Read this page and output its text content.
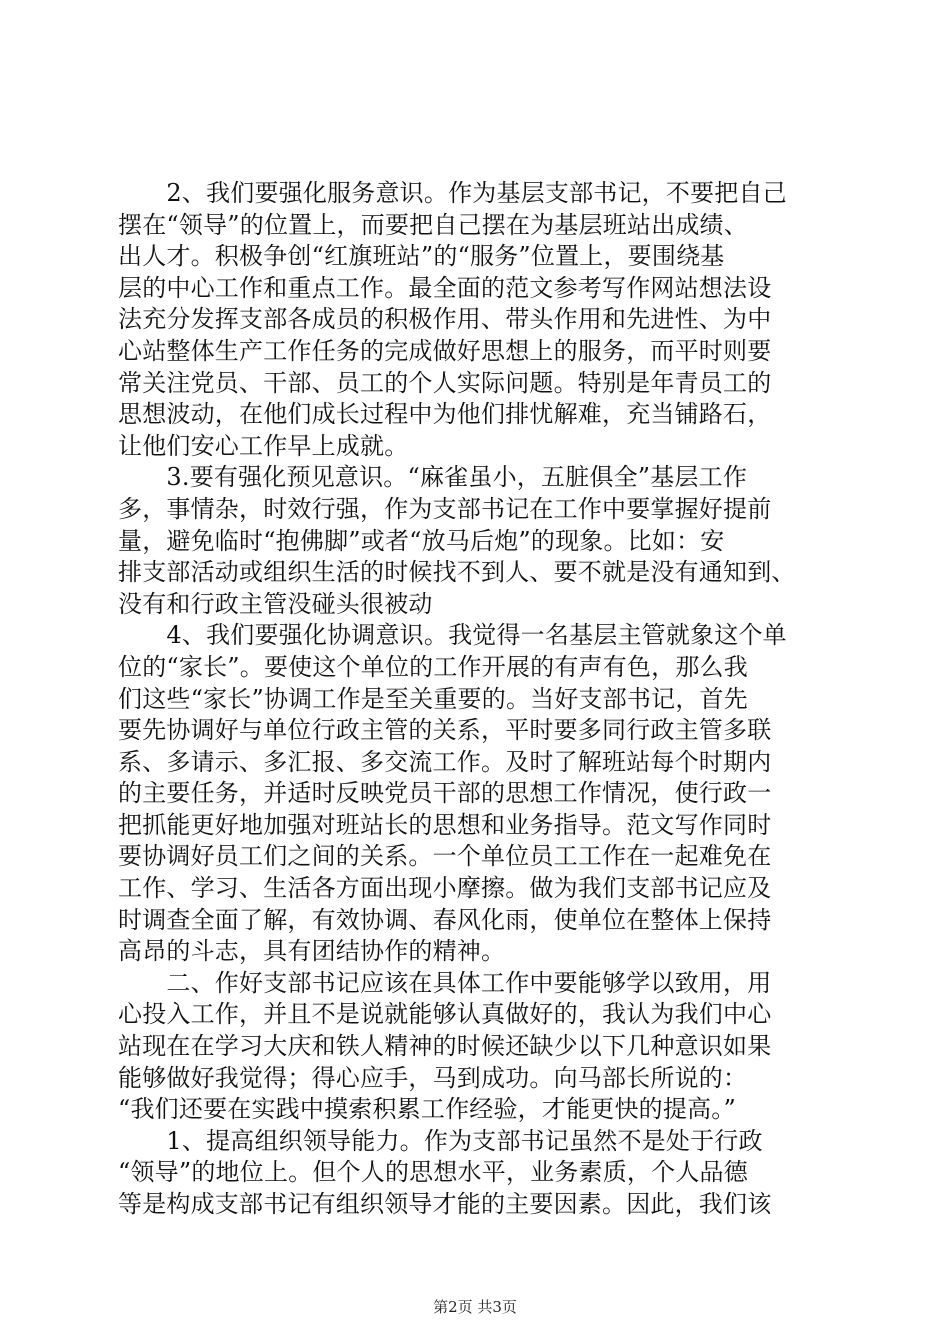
　　2、我们要强化服务意识。作为基层支部书记，不要把自己
摆在“领导”的位置上，而要把自己摆在为基层班站出成绩、
出人才。积极争创“红旗班站”的“服务”位置上，要围绕基
层的中心工作和重点工作。最全面的范文参考写作网站想法设
法充分发挥支部各成员的积极作用、带头作用和先进性、为中
心站整体生产工作任务的完成做好思想上的服务，而平时则要
常关注党员、干部、员工的个人实际问题。特别是年青员工的
思想波动，在他们成长过程中为他们排忧解难，充当铺路石，
让他们安心工作早上成就。
　　3.要有强化预见意识。“麻雀虽小，五脏俱全”基层工作
多，事情杂，时效行强，作为支部书记在工作中要掌握好提前
量，避免临时“抱佛脚”或者“放马后炮”的现象。比如：安
排支部活动或组织生活的时候找不到人、要不就是没有通知到、
没有和行政主管没碰头很被动
　　4、我们要强化协调意识。我觉得一名基层主管就象这个单
位的“家长”。要使这个单位的工作开展的有声有色，那么我
们这些“家长”协调工作是至关重要的。当好支部书记，首先
要先协调好与单位行政主管的关系，平时要多同行政主管多联
系、多请示、多汇报、多交流工作。及时了解班站每个时期内
的主要任务，并适时反映党员干部的思想工作情况，使行政一
把抓能更好地加强对班站长的思想和业务指导。范文写作同时
要协调好员工们之间的关系。一个单位员工工作在一起难免在
工作、学习、生活各方面出现小摩擦。做为我们支部书记应及
时调查全面了解，有效协调、春风化雨，使单位在整体上保持
高昂的斗志，具有团结协作的精神。
　　二、作好支部书记应该在具体工作中要能够学以致用，用
心投入工作，并且不是说就能够认真做好的，我认为我们中心
站现在在学习大庆和铁人精神的时候还缺少以下几种意识如果
能够做好我觉得；得心应手，马到成功。向马部长所说的：
“我们还要在实践中摸索积累工作经验，才能更快的提高。”
　　1、提高组织领导能力。作为支部书记虽然不是处于行政
“领导”的地位上。但个人的思想水平，业务素质，个人品德
等是构成支部书记有组织领导才能的主要因素。因此，我们该
第2页 共3页
